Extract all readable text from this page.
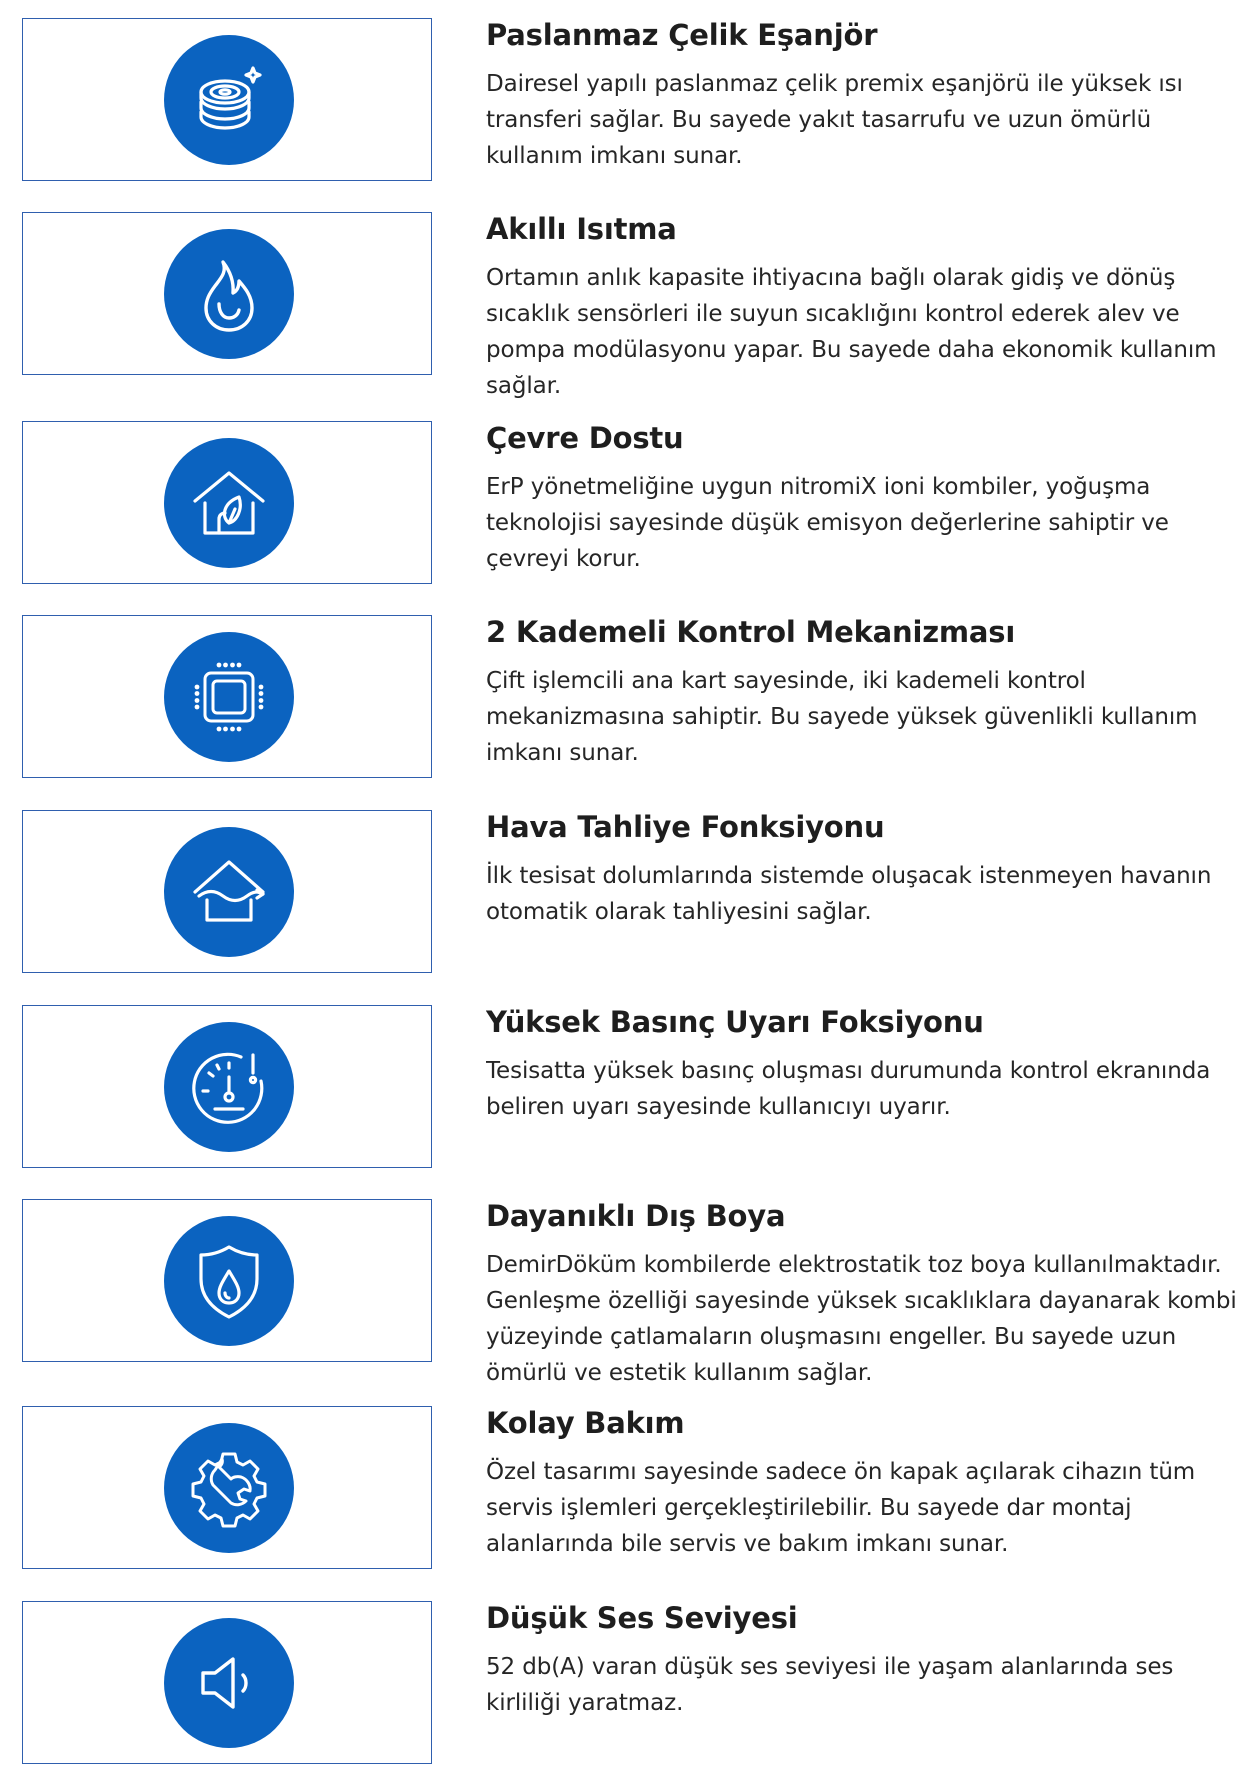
Paslanmaz Çelik Eşanjör
Dairesel yapılı paslanmaz çelik premix eşanjörü ile yüksek ısı
transferi sağlar. Bu sayede yakıt tasarrufu ve uzun ömürlü
kullanım imkanı sunar.
Akıllı Isıtma
Ortamın anlık kapasite ihtiyacına bağlı olarak gidiş ve dönüş
sıcaklık sensörleri ile suyun sıcaklığını kontrol ederek alev ve
pompa modülasyonu yapar. Bu sayede daha ekonomik kullanım
sağlar.
Çevre Dostu
ErP yönetmeliğine uygun nitromiX ioni kombiler, yoğuşma
teknolojisi sayesinde düşük emisyon değerlerine sahiptir ve
çevreyi korur.
2 Kademeli Kontrol Mekanizması
Çift işlemcili ana kart sayesinde, iki kademeli kontrol
mekanizmasına sahiptir. Bu sayede yüksek güvenlikli kullanım
imkanı sunar.
Hava Tahliye Fonksiyonu
İlk tesisat dolumlarında sistemde oluşacak istenmeyen havanın
otomatik olarak tahliyesini sağlar.
Yüksek Basınç Uyarı Foksiyonu
Tesisatta yüksek basınç oluşması durumunda kontrol ekranında
beliren uyarı sayesinde kullanıcıyı uyarır.
Dayanıklı Dış Boya
DemirDöküm kombilerde elektrostatik toz boya kullanılmaktadır.
Genleşme özelliği sayesinde yüksek sıcaklıklara dayanarak kombi
yüzeyinde çatlamaların oluşmasını engeller. Bu sayede uzun
ömürlü ve estetik kullanım sağlar.
Kolay Bakım
Özel tasarımı sayesinde sadece ön kapak açılarak cihazın tüm
servis işlemleri gerçekleştirilebilir. Bu sayede dar montaj
alanlarında bile servis ve bakım imkanı sunar.
Düşük Ses Seviyesi
52 db(A) varan düşük ses seviyesi ile yaşam alanlarında ses
kirliliği yaratmaz.
